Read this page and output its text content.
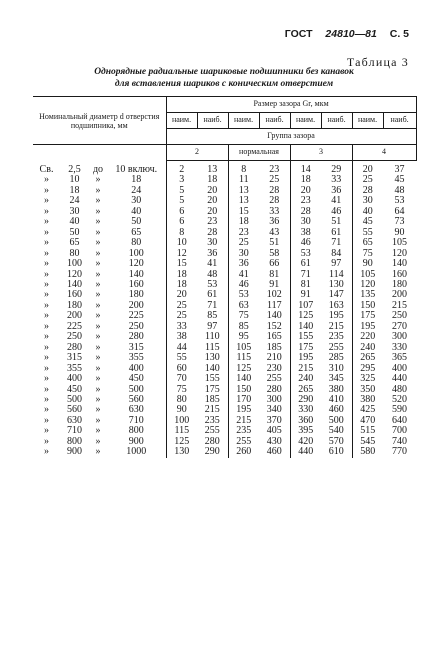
ГОСТ 24810—81 С. 5
Таблица 3
Однорядные радиальные шариковые подшипники без канавок
для вставления шариков с коническим отверстием
Номинальный диаметр d отверстия подшипника, мм				Размер зазора Gr, мкм							
				наим.	наиб.	наим.	наиб.	наим.	наиб.	наим.	наиб.
				Группа зазора							
				2		нормальная		3		4	

Св.	2,5	до	10 включ.	2	13	8	23	14	29	20	37
»	10	»	18	3	18	11	25	18	33	25	45
»	18	»	24	5	20	13	28	20	36	28	48
»	24	»	30	5	20	13	28	23	41	30	53
»	30	»	40	6	20	15	33	28	46	40	64
»	40	»	50	6	23	18	36	30	51	45	73
»	50	»	65	8	28	23	43	38	61	55	90
»	65	»	80	10	30	25	51	46	71	65	105
»	80	»	100	12	36	30	58	53	84	75	120
»	100	»	120	15	41	36	66	61	97	90	140
»	120	»	140	18	48	41	81	71	114	105	160
»	140	»	160	18	53	46	91	81	130	120	180
»	160	»	180	20	61	53	102	91	147	135	200
»	180	»	200	25	71	63	117	107	163	150	215
»	200	»	225	25	85	75	140	125	195	175	250
»	225	»	250	33	97	85	152	140	215	195	270
»	250	»	280	38	110	95	165	155	235	220	300
»	280	»	315	44	115	105	185	175	255	240	330
»	315	»	355	55	130	115	210	195	285	265	365
»	355	»	400	60	140	125	230	215	310	295	400
»	400	»	450	70	155	140	255	240	345	325	440
»	450	»	500	75	175	150	280	265	380	350	480
»	500	»	560	80	185	170	300	290	410	380	520
»	560	»	630	90	215	195	340	330	460	425	590
»	630	»	710	100	235	215	370	360	500	470	640
»	710	»	800	115	255	235	405	395	540	515	700
»	800	»	900	125	280	255	430	420	570	545	740
»	900	»	1000	130	290	260	460	440	610	580	770
